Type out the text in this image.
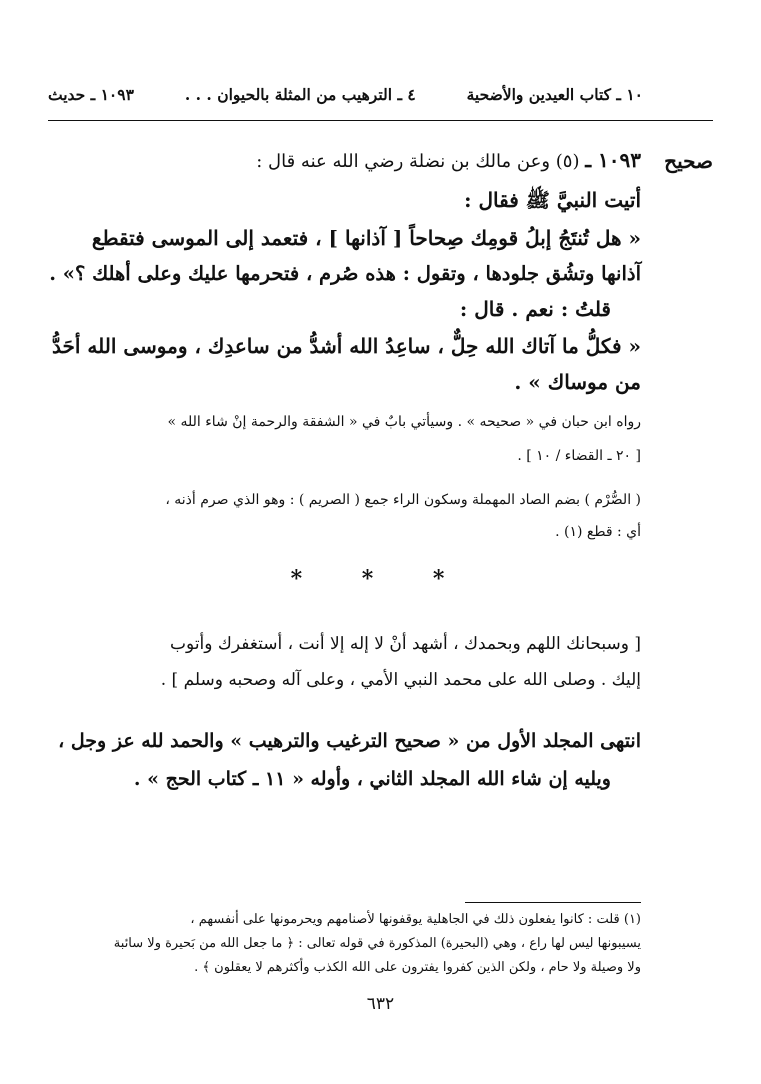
١٠ ـ كتاب العيدين والأضحية
٤ ـ الترهيب من المثلة بالحيوان . . .
١٠٩٣ ـ حديث
صحيح
١٠٩٣ ـ (٥) وعن مالك بن نضلة رضي الله عنه قال :
أتيت النبيَّ ﷺ فقال :
« هل تُنتَجُ إبلُ قومِك صِحاحاً [ آذانها ] ، فتعمد إلى الموسى فتقطع
آذانها وتشُق جلودها ، وتقول : هذه صُرم ، فتحرمها عليك وعلى أهلك ؟» .
قلتُ : نعم . قال :
« فكلُّ ما آتاك الله حِلٌّ ، ساعِدُ الله أشدُّ من ساعدِك ، وموسى الله أحَدُّ
من موساك » .
رواه ابن حبان في « صحيحه » . وسيأتي بابٌ في « الشفقة والرحمة إنْ شاء الله »
[ ٢٠ ـ القضاء / ١٠ ] .
( الصُّرْم ) بضم الصاد المهملة وسكون الراء جمع ( الصريم ) : وهو الذي صرم أذنه ،
أي : قطع (١) .
* * *
[ وسبحانك اللهم وبحمدك ، أشهد أنْ لا إله إلا أنت ، أستغفرك وأتوب
إليك . وصلى الله على محمد النبي الأمي ، وعلى آله وصحبه وسلم ] .
انتهى المجلد الأول من « صحيح الترغيب والترهيب » والحمد لله عز وجل ،
ويليه إن شاء الله المجلد الثاني ، وأوله « ١١ ـ كتاب الحج » .
(١) قلت : كانوا يفعلون ذلك في الجاهلية يوقفونها لأصنامهم ويحرمونها على أنفسهم ،
يسيبونها ليس لها راع ، وهي (البحيرة) المذكورة في قوله تعالى : ﴿ ما جعل الله من بَحيرة ولا سائبة
ولا وصيلة ولا حام ، ولكن الذين كفروا يفترون على الله الكذب وأكثرهم لا يعقلون ﴾ .
٦٣٢
